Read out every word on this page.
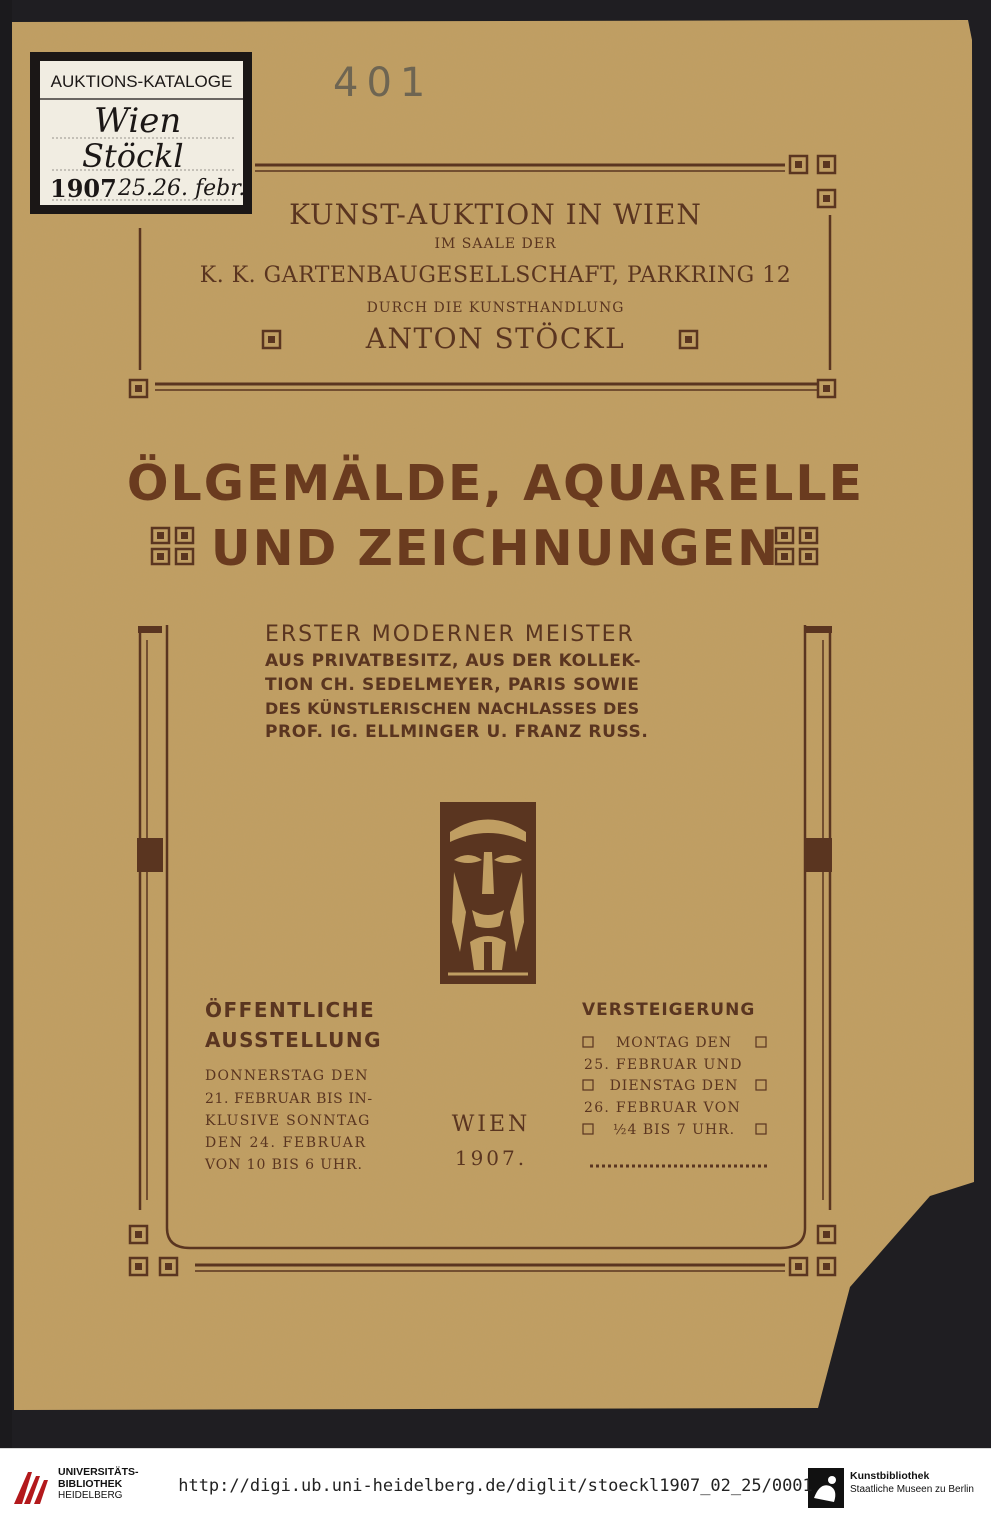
AUKTIONS-KATALOGE
Wien
Stöckl
1907 25.26. febr.
401
KUNST-AUKTION IN WIEN
IM SAALE DER
K. K. GARTENBAUGESELLSCHAFT, PARKRING 12
DURCH DIE KUNSTHANDLUNG
ANTON STÖCKL
ÖLGEMÄLDE, AQUARELLE
UND ZEICHNUNGEN
ERSTER MODERNER MEISTER
AUS PRIVATBESITZ, AUS DER KOLLEK-
TION CH. SEDELMEYER, PARIS SOWIE
DES KÜNSTLERISCHEN NACHLASSES DES
PROF. IG. ELLMINGER U. FRANZ RUSS.
ÖFFENTLICHE
AUSSTELLUNG
DONNERSTAG DEN
21. FEBRUAR BIS IN-
KLUSIVE SONNTAG
DEN 24. FEBRUAR
VON 10 BIS 6 UHR.
WIEN
1907.
VERSTEIGERUNG
MONTAG DEN
25. FEBRUAR UND
DIENSTAG DEN
26. FEBRUAR VON
½4 BIS 7 UHR.
UNIVERSITÄTS-
BIBLIOTHEK
HEIDELBERG	http://digi.ub.uni-heidelberg.de/diglit/stoeckl1907_02_25/0001	Kunstbibliothek
Staatliche Museen zu Berlin
